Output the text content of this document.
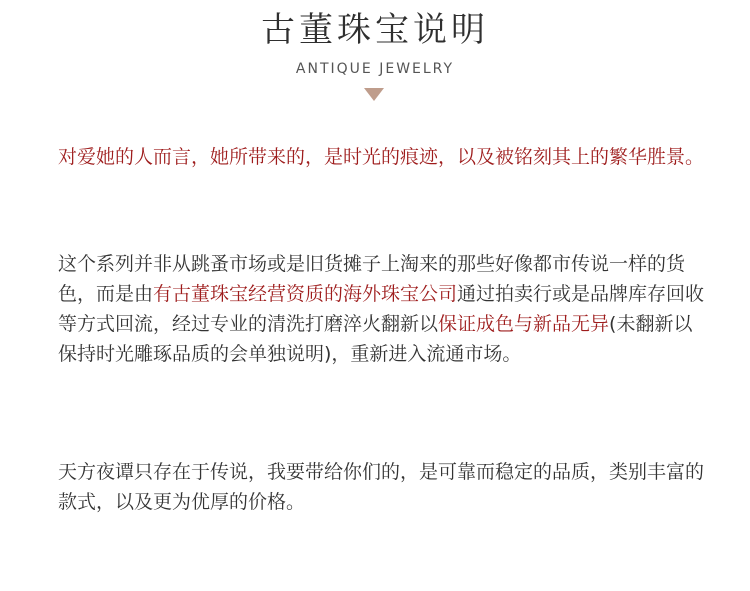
古董珠宝说明
ANTIQUE JEWELRY

对爱她的人而言，她所带来的，是时光的痕迹，以及被铭刻其上的繁华胜景。

这个系列并非从跳蚤市场或是旧货摊子上淘来的那些好像都市传说一样的货色，而是由有古董珠宝经营资质的海外珠宝公司通过拍卖行或是品牌库存回收等方式回流，经过专业的清洗打磨淬火翻新以保证成色与新品无异(未翻新以保持时光雕琢品质的会单独说明)，重新进入流通市场。

天方夜谭只存在于传说，我要带给你们的，是可靠而稳定的品质，类别丰富的款式，以及更为优厚的价格。
